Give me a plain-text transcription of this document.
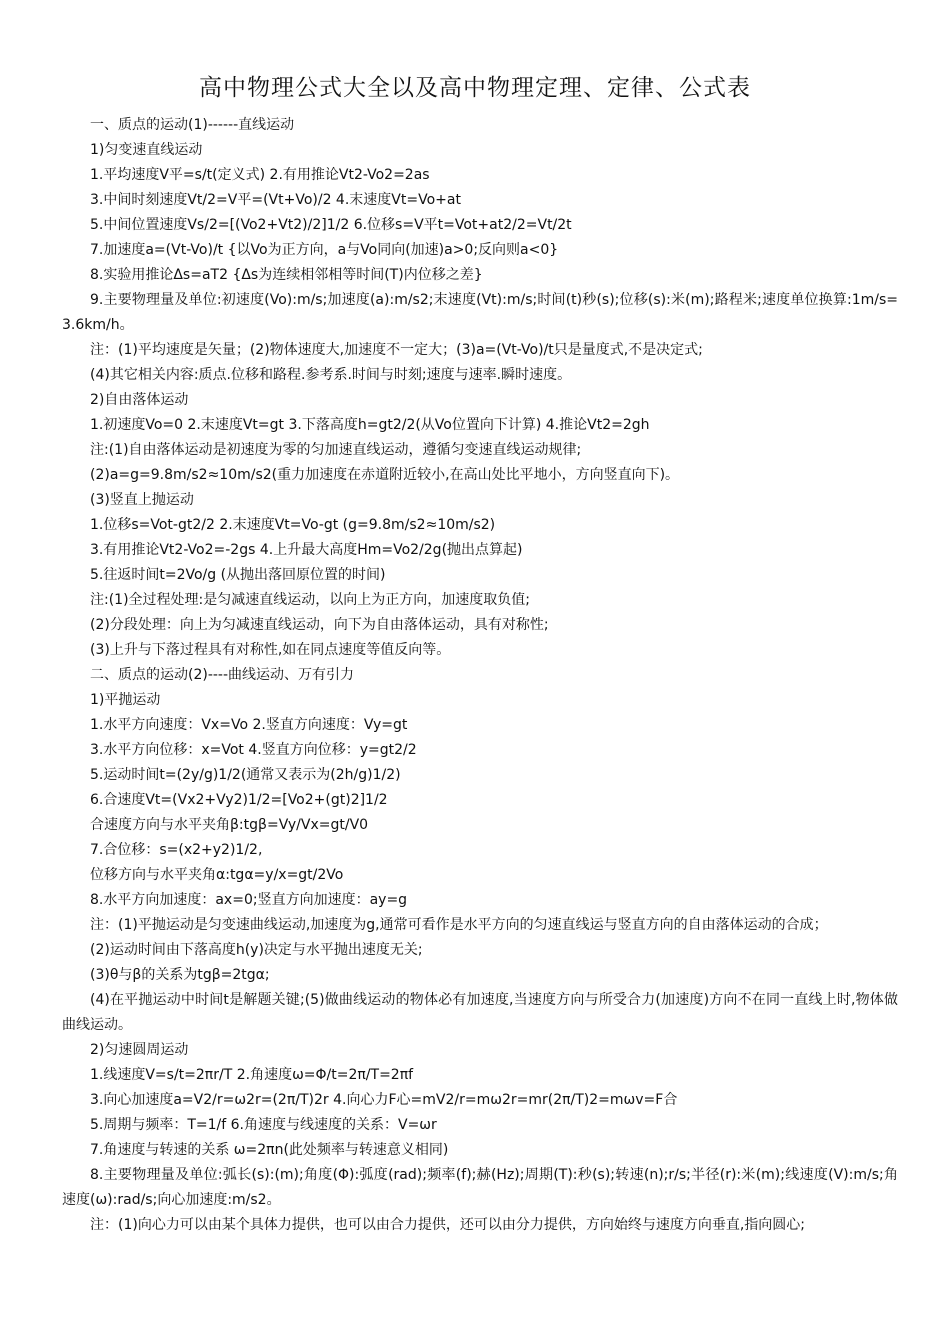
高中物理公式大全以及高中物理定理、定律、公式表
一、质点的运动(1)------直线运动
1)匀变速直线运动
1.平均速度V平=s/t(定义式) 2.有用推论Vt2-Vo2=2as
3.中间时刻速度Vt/2=V平=(Vt+Vo)/2 4.末速度Vt=Vo+at
5.中间位置速度Vs/2=[(Vo2+Vt2)/2]1/2 6.位移s=V平t=Vot+at2/2=Vt/2t
7.加速度a=(Vt-Vo)/t {以Vo为正方向，a与Vo同向(加速)a>0;反向则a<0}
8.实验用推论Δs=aT2 {Δs为连续相邻相等时间(T)内位移之差}
9.主要物理量及单位:初速度(Vo):m/s;加速度(a):m/s2;末速度(Vt):m/s;时间(t)秒(s);位移(s):米(m);路程米;速度单位换算:1m/s=3.6km/h。
注：(1)平均速度是矢量；(2)物体速度大,加速度不一定大；(3)a=(Vt-Vo)/t只是量度式,不是决定式;
(4)其它相关内容:质点.位移和路程.参考系.时间与时刻;速度与速率.瞬时速度。
2)自由落体运动
1.初速度Vo=0 2.末速度Vt=gt 3.下落高度h=gt2/2(从Vo位置向下计算) 4.推论Vt2=2gh
注:(1)自由落体运动是初速度为零的匀加速直线运动，遵循匀变速直线运动规律;
(2)a=g=9.8m/s2≈10m/s2(重力加速度在赤道附近较小,在高山处比平地小，方向竖直向下)。
(3)竖直上抛运动
1.位移s=Vot-gt2/2 2.末速度Vt=Vo-gt (g=9.8m/s2≈10m/s2)
3.有用推论Vt2-Vo2=-2gs 4.上升最大高度Hm=Vo2/2g(抛出点算起)
5.往返时间t=2Vo/g (从抛出落回原位置的时间)
注:(1)全过程处理:是匀减速直线运动，以向上为正方向，加速度取负值;
(2)分段处理：向上为匀减速直线运动，向下为自由落体运动，具有对称性;
(3)上升与下落过程具有对称性,如在同点速度等值反向等。
二、质点的运动(2)----曲线运动、万有引力
1)平抛运动
1.水平方向速度：Vx=Vo 2.竖直方向速度：Vy=gt
3.水平方向位移：x=Vot 4.竖直方向位移：y=gt2/2
5.运动时间t=(2y/g)1/2(通常又表示为(2h/g)1/2)
6.合速度Vt=(Vx2+Vy2)1/2=[Vo2+(gt)2]1/2
合速度方向与水平夹角β:tgβ=Vy/Vx=gt/V0
7.合位移：s=(x2+y2)1/2,
位移方向与水平夹角α:tgα=y/x=gt/2Vo
8.水平方向加速度：ax=0;竖直方向加速度：ay=g
注：(1)平抛运动是匀变速曲线运动,加速度为g,通常可看作是水平方向的匀速直线运与竖直方向的自由落体运动的合成；
(2)运动时间由下落高度h(y)决定与水平抛出速度无关;
(3)θ与β的关系为tgβ=2tgα;
(4)在平抛运动中时间t是解题关键;(5)做曲线运动的物体必有加速度,当速度方向与所受合力(加速度)方向不在同一直线上时,物体做曲线运动。
2)匀速圆周运动
1.线速度V=s/t=2πr/T 2.角速度ω=Φ/t=2π/T=2πf
3.向心加速度a=V2/r=ω2r=(2π/T)2r 4.向心力F心=mV2/r=mω2r=mr(2π/T)2=mωv=F合
5.周期与频率：T=1/f 6.角速度与线速度的关系：V=ωr
7.角速度与转速的关系 ω=2πn(此处频率与转速意义相同)
8.主要物理量及单位:弧长(s):(m);角度(Φ):弧度(rad);频率(f);赫(Hz);周期(T):秒(s);转速(n);r/s;半径(r):米(m);线速度(V):m/s;角速度(ω):rad/s;向心加速度:m/s2。
注：(1)向心力可以由某个具体力提供，也可以由合力提供，还可以由分力提供，方向始终与速度方向垂直,指向圆心;
